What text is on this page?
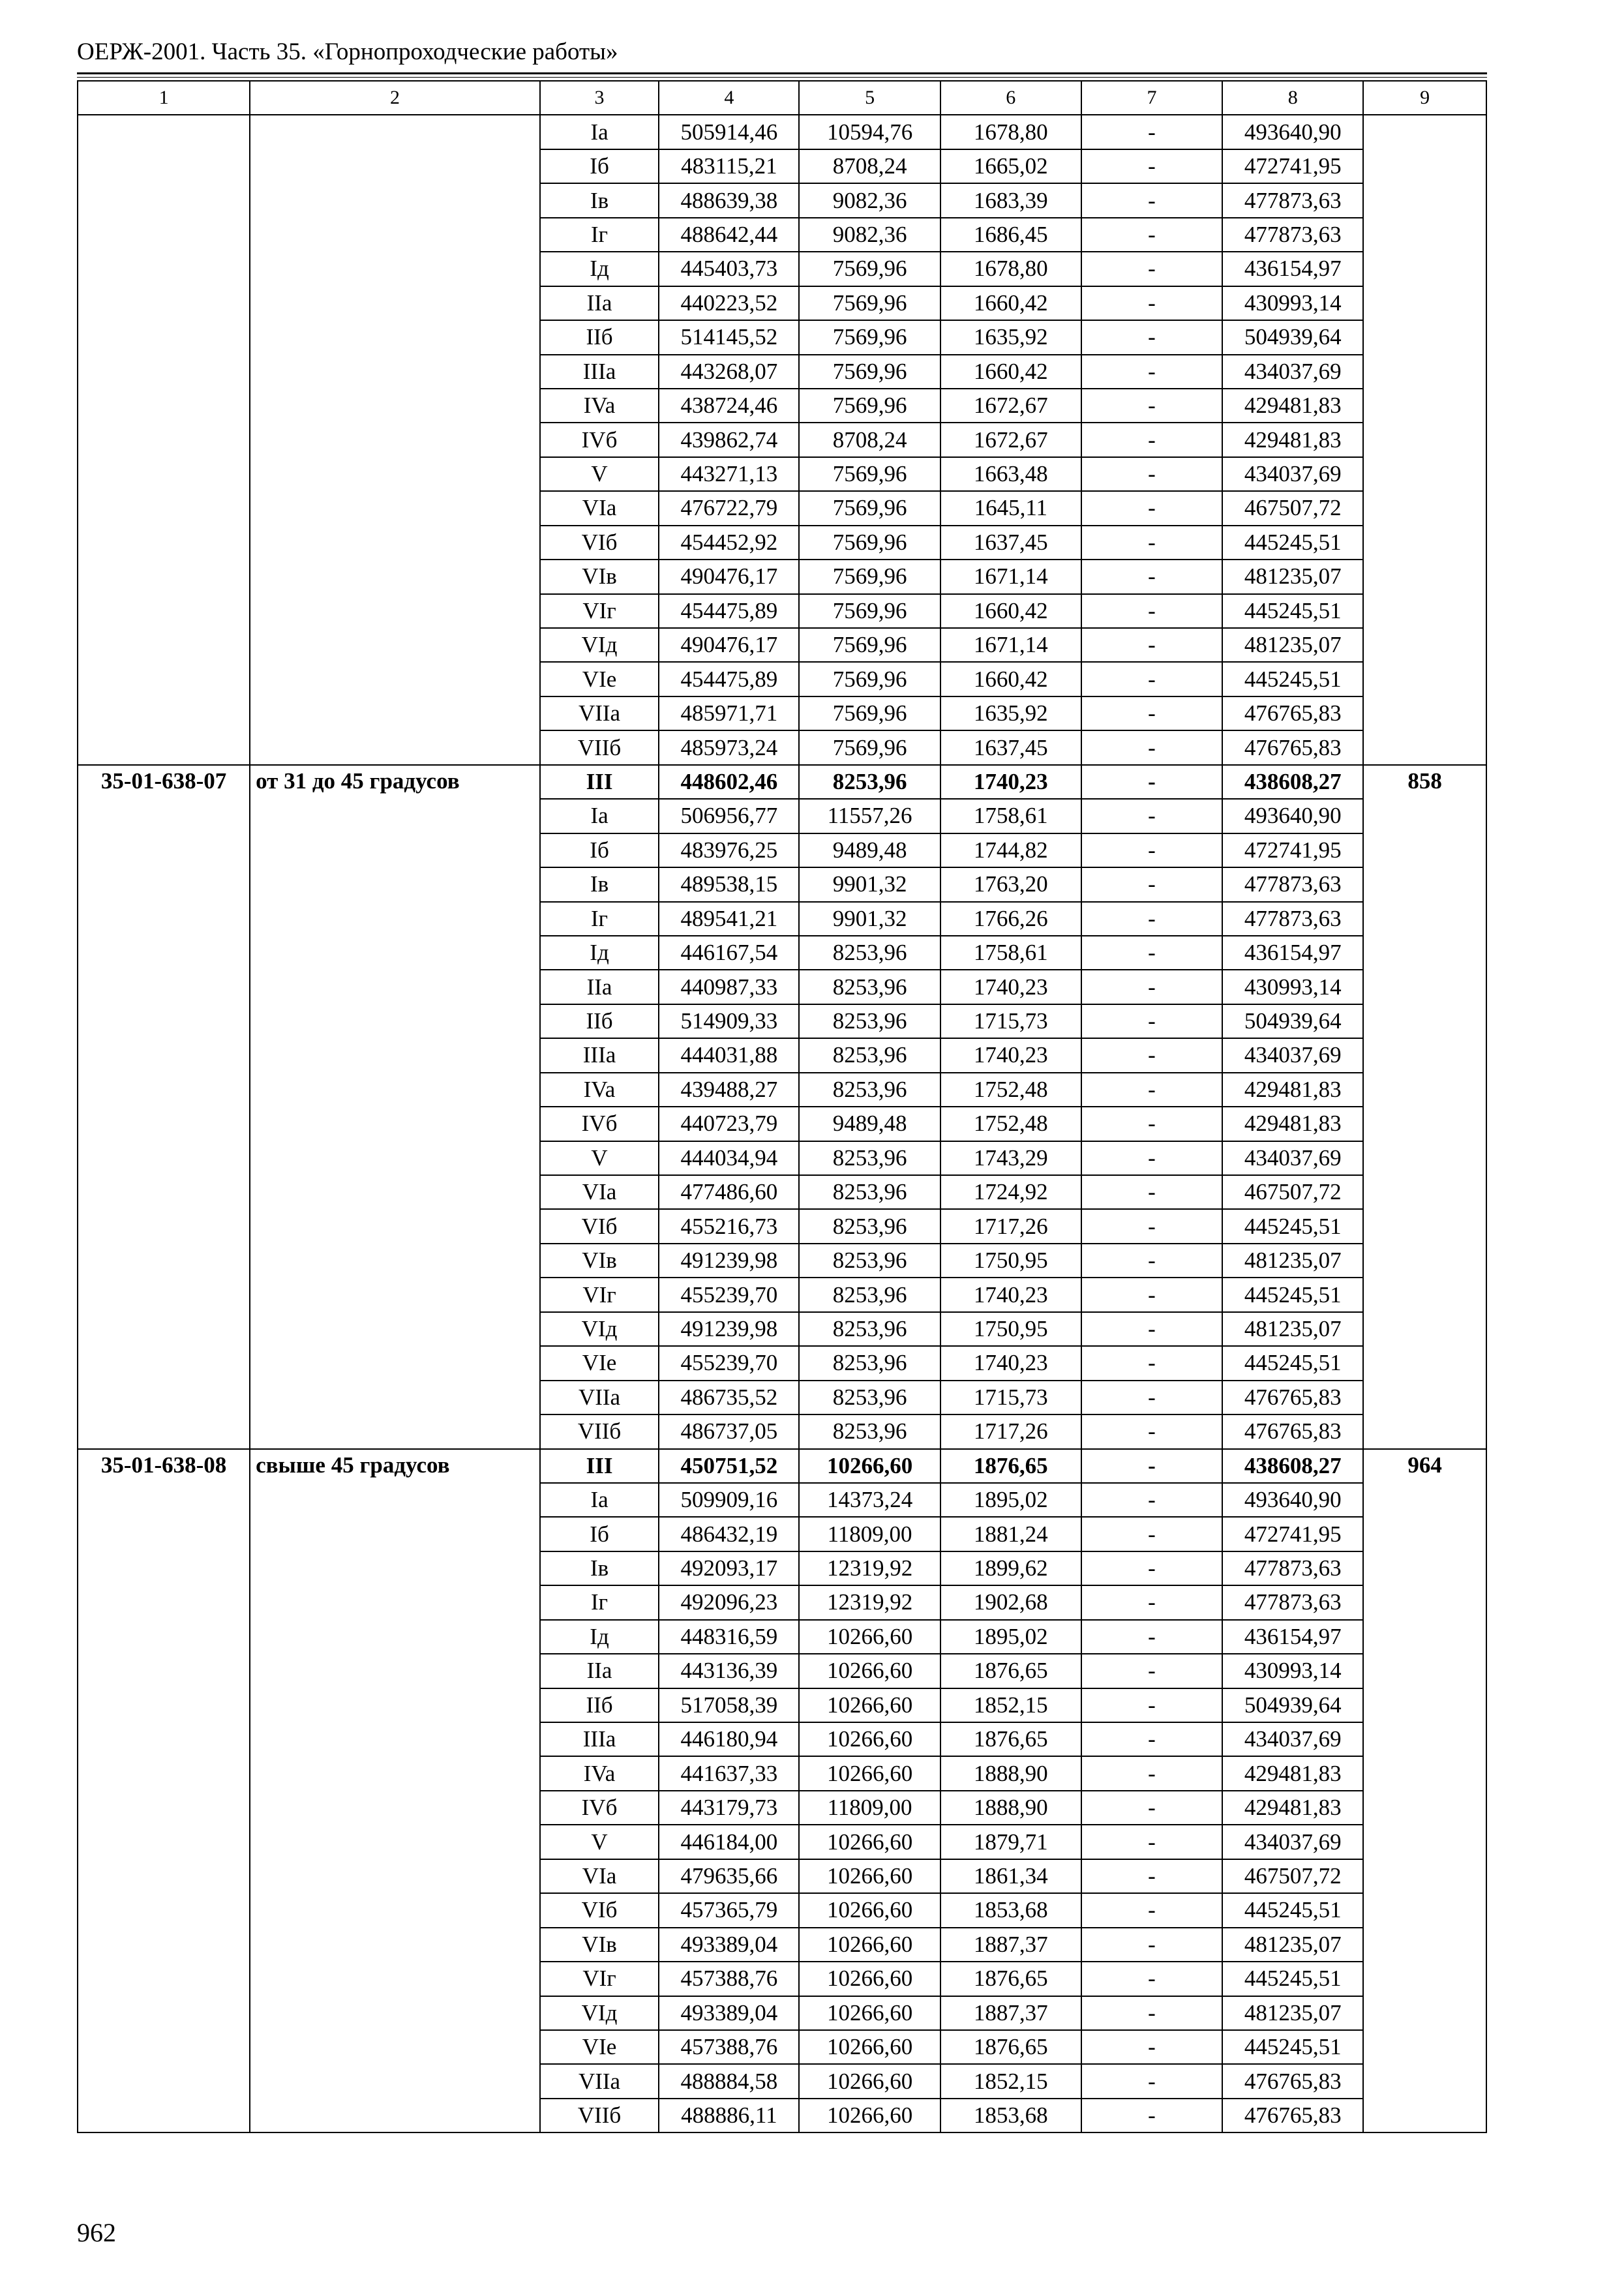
ОЕРЖ-2001. Часть 35. «Горнопроходческие работы»
1	2	3	4	5	6	7	8	9
		Ia	505914,46	10594,76	1678,80	-	493640,90	
		Iб	483115,21	8708,24	1665,02	-	472741,95	
		Iв	488639,38	9082,36	1683,39	-	477873,63	
		Iг	488642,44	9082,36	1686,45	-	477873,63	
		Iд	445403,73	7569,96	1678,80	-	436154,97	
		IIa	440223,52	7569,96	1660,42	-	430993,14	
		IIб	514145,52	7569,96	1635,92	-	504939,64	
		IIIa	443268,07	7569,96	1660,42	-	434037,69	
		IVa	438724,46	7569,96	1672,67	-	429481,83	
		IVб	439862,74	8708,24	1672,67	-	429481,83	
		V	443271,13	7569,96	1663,48	-	434037,69	
		VIa	476722,79	7569,96	1645,11	-	467507,72	
		VIб	454452,92	7569,96	1637,45	-	445245,51	
		VIв	490476,17	7569,96	1671,14	-	481235,07	
		VIг	454475,89	7569,96	1660,42	-	445245,51	
		VIд	490476,17	7569,96	1671,14	-	481235,07	
		VIe	454475,89	7569,96	1660,42	-	445245,51	
		VIIa	485971,71	7569,96	1635,92	-	476765,83	
		VIIб	485973,24	7569,96	1637,45	-	476765,83	
35-01-638-07	от 31 до 45 градусов	III	448602,46	8253,96	1740,23	-	438608,27	858
		Ia	506956,77	11557,26	1758,61	-	493640,90	
		Iб	483976,25	9489,48	1744,82	-	472741,95	
		Iв	489538,15	9901,32	1763,20	-	477873,63	
		Iг	489541,21	9901,32	1766,26	-	477873,63	
		Iд	446167,54	8253,96	1758,61	-	436154,97	
		IIa	440987,33	8253,96	1740,23	-	430993,14	
		IIб	514909,33	8253,96	1715,73	-	504939,64	
		IIIa	444031,88	8253,96	1740,23	-	434037,69	
		IVa	439488,27	8253,96	1752,48	-	429481,83	
		IVб	440723,79	9489,48	1752,48	-	429481,83	
		V	444034,94	8253,96	1743,29	-	434037,69	
		VIa	477486,60	8253,96	1724,92	-	467507,72	
		VIб	455216,73	8253,96	1717,26	-	445245,51	
		VIв	491239,98	8253,96	1750,95	-	481235,07	
		VIг	455239,70	8253,96	1740,23	-	445245,51	
		VIд	491239,98	8253,96	1750,95	-	481235,07	
		VIe	455239,70	8253,96	1740,23	-	445245,51	
		VIIa	486735,52	8253,96	1715,73	-	476765,83	
		VIIб	486737,05	8253,96	1717,26	-	476765,83	
35-01-638-08	свыше 45 градусов	III	450751,52	10266,60	1876,65	-	438608,27	964
		Ia	509909,16	14373,24	1895,02	-	493640,90	
		Iб	486432,19	11809,00	1881,24	-	472741,95	
		Iв	492093,17	12319,92	1899,62	-	477873,63	
		Iг	492096,23	12319,92	1902,68	-	477873,63	
		Iд	448316,59	10266,60	1895,02	-	436154,97	
		IIa	443136,39	10266,60	1876,65	-	430993,14	
		IIб	517058,39	10266,60	1852,15	-	504939,64	
		IIIa	446180,94	10266,60	1876,65	-	434037,69	
		IVa	441637,33	10266,60	1888,90	-	429481,83	
		IVб	443179,73	11809,00	1888,90	-	429481,83	
		V	446184,00	10266,60	1879,71	-	434037,69	
		VIa	479635,66	10266,60	1861,34	-	467507,72	
		VIб	457365,79	10266,60	1853,68	-	445245,51	
		VIв	493389,04	10266,60	1887,37	-	481235,07	
		VIг	457388,76	10266,60	1876,65	-	445245,51	
		VIд	493389,04	10266,60	1887,37	-	481235,07	
		VIe	457388,76	10266,60	1876,65	-	445245,51	
		VIIa	488884,58	10266,60	1852,15	-	476765,83	
		VIIб	488886,11	10266,60	1853,68	-	476765,83	
962
